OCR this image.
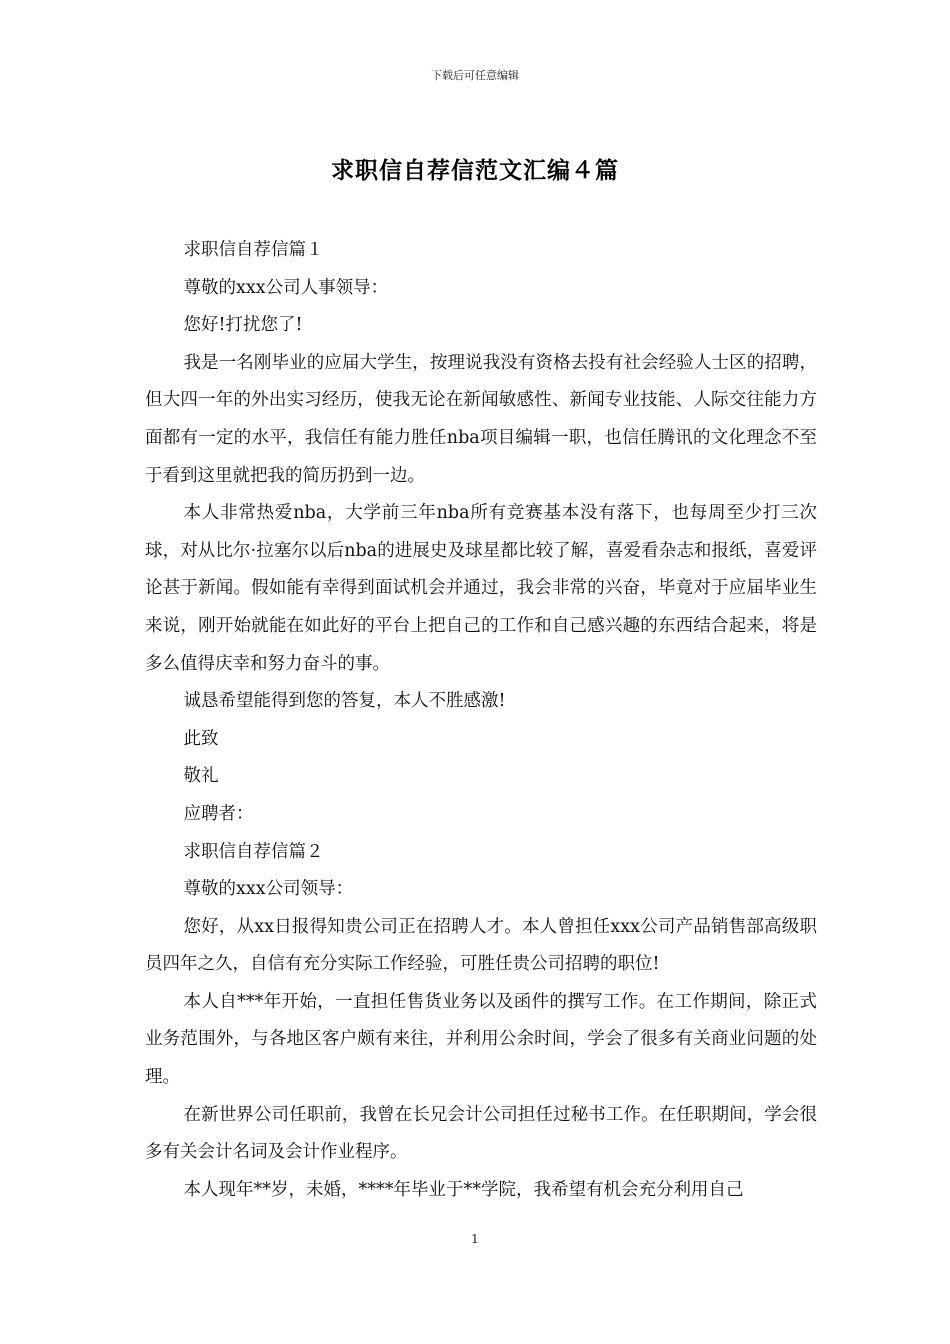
下载后可任意编辑
求职信自荐信范文汇编４篇

求职信自荐信篇１

尊敬的xxx公司人事领导：

您好!打扰您了!

我是一名刚毕业的应届大学生，按理说我没有资格去投有社会经验人士区的招聘，但大四一年的外出实习经历，使我无论在新闻敏感性、新闻专业技能、人际交往能力方面都有一定的水平，我信任有能力胜任nba项目编辑一职，也信任腾讯的文化理念不至于看到这里就把我的简历扔到一边。

本人非常热爱nba，大学前三年nba所有竞赛基本没有落下，也每周至少打三次球，对从比尔·拉塞尔以后nba的进展史及球星都比较了解，喜爱看杂志和报纸，喜爱评论甚于新闻。假如能有幸得到面试机会并通过，我会非常的兴奋，毕竟对于应届毕业生来说，刚开始就能在如此好的平台上把自己的工作和自己感兴趣的东西结合起来，将是多么值得庆幸和努力奋斗的事。

诚恳希望能得到您的答复，本人不胜感激!

此致

敬礼

应聘者：

求职信自荐信篇２

尊敬的xxx公司领导：

您好，从xx日报得知贵公司正在招聘人才。本人曾担任xxx公司产品销售部高级职员四年之久，自信有充分实际工作经验，可胜任贵公司招聘的职位!

本人自***年开始，一直担任售货业务以及函件的撰写工作。在工作期间，除正式业务范围外，与各地区客户颇有来往，并利用公余时间，学会了很多有关商业问题的处理。

在新世界公司任职前，我曾在长兄会计公司担任过秘书工作。在任职期间，学会很多有关会计名词及会计作业程序。

本人现年**岁，未婚，****年毕业于**学院，我希望有机会充分利用自己

1
